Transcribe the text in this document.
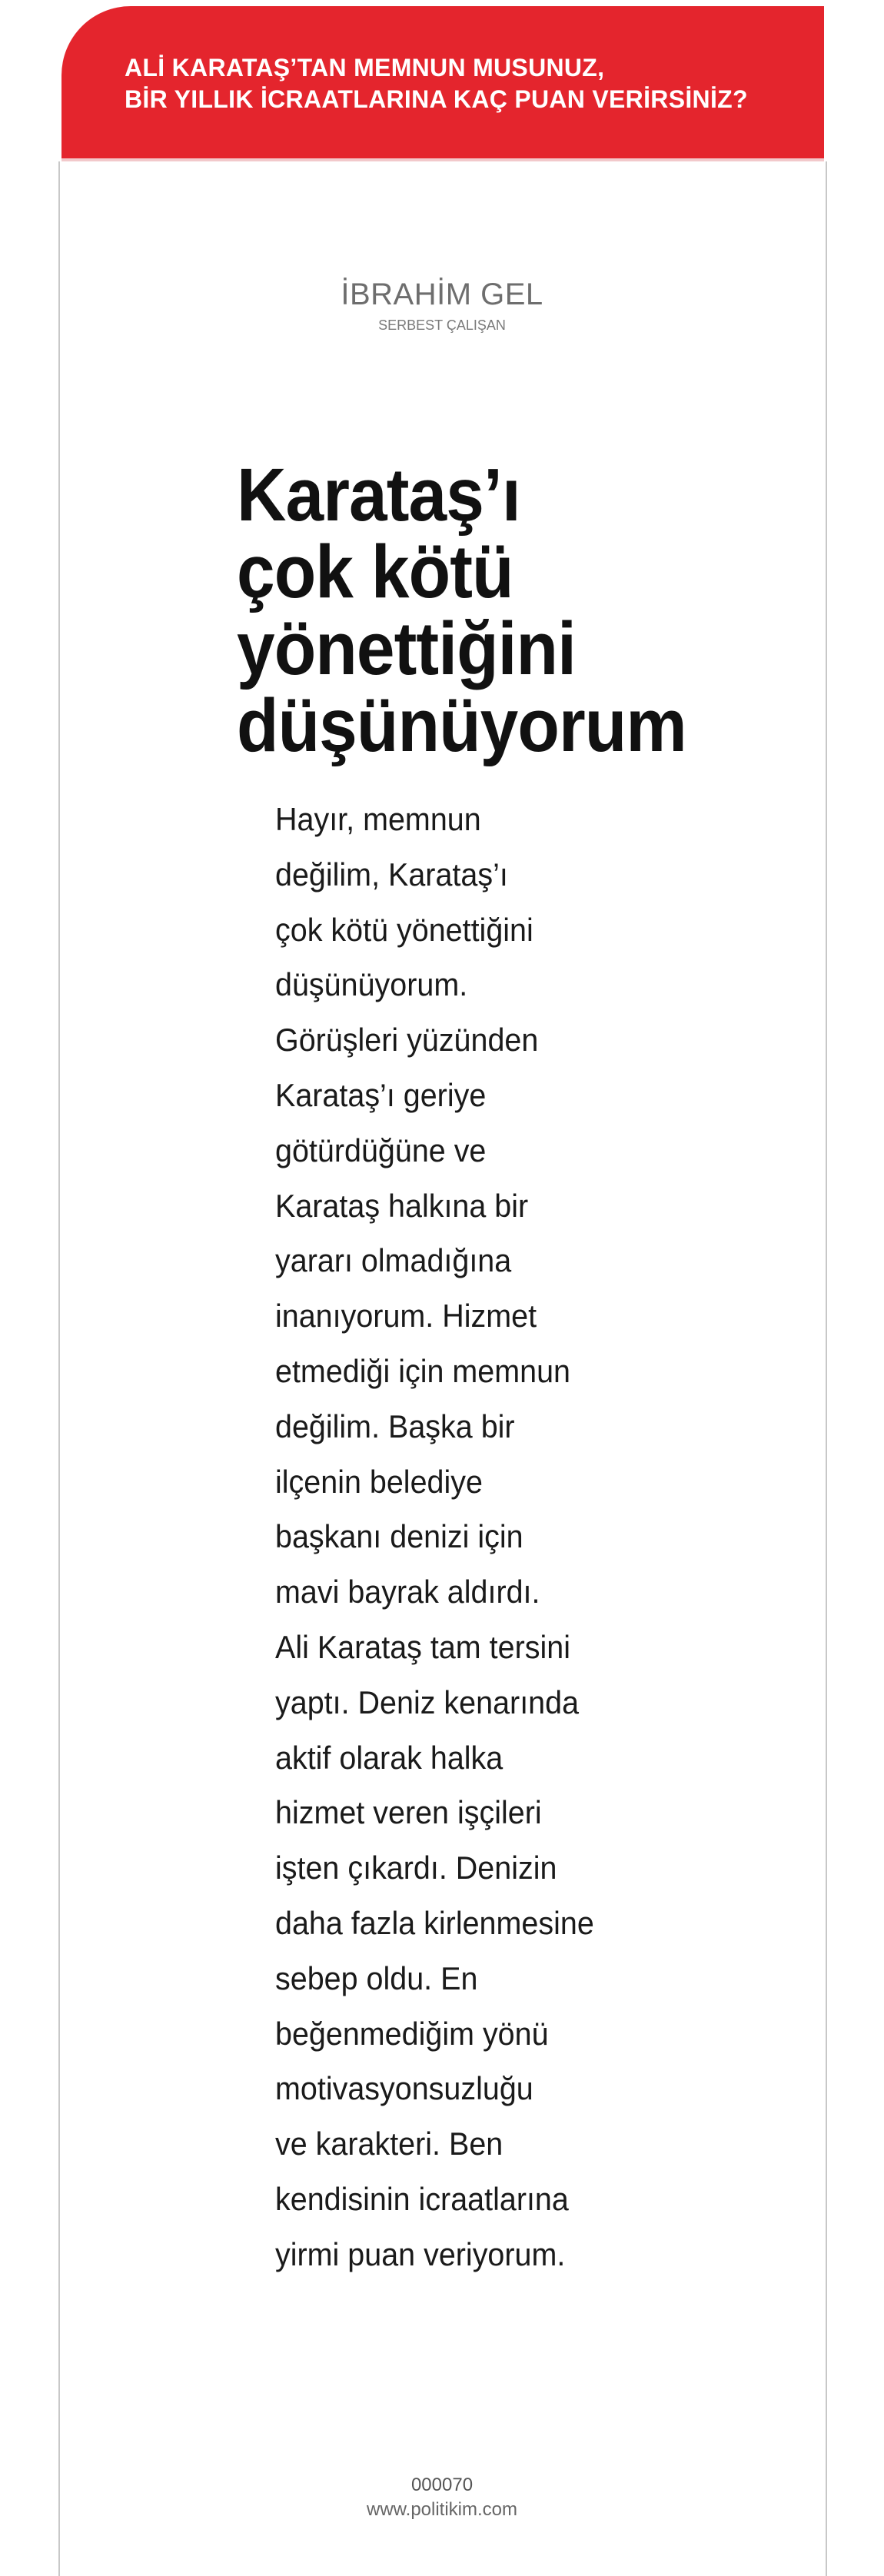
ALİ KARATAŞ’TAN MEMNUN MUSUNUZ,
BİR YILLIK İCRAATLARINA KAÇ PUAN VERİRSİNİZ?
İBRAHİM GEL
SERBEST ÇALIŞAN
Karataş’ı
çok kötü
yönettiğini
düşünüyorum

Hayır, memnun
değilim, Karataş’ı
çok kötü yönettiğini
düşünüyorum.
Görüşleri yüzünden
Karataş’ı geriye
götürdüğüne ve
Karataş halkına bir
yararı olmadığına
inanıyorum. Hizmet
etmediği için memnun
değilim. Başka bir
ilçenin belediye
başkanı denizi için
mavi bayrak aldırdı.
Ali Karataş tam tersini
yaptı. Deniz kenarında
aktif olarak halka
hizmet veren işçileri
işten çıkardı. Denizin
daha fazla kirlenmesine
sebep oldu. En
beğenmediğim yönü
motivasyonsuzluğu
ve karakteri. Ben
kendisinin icraatlarına
yirmi puan veriyorum.

000070
www.politikim.com
